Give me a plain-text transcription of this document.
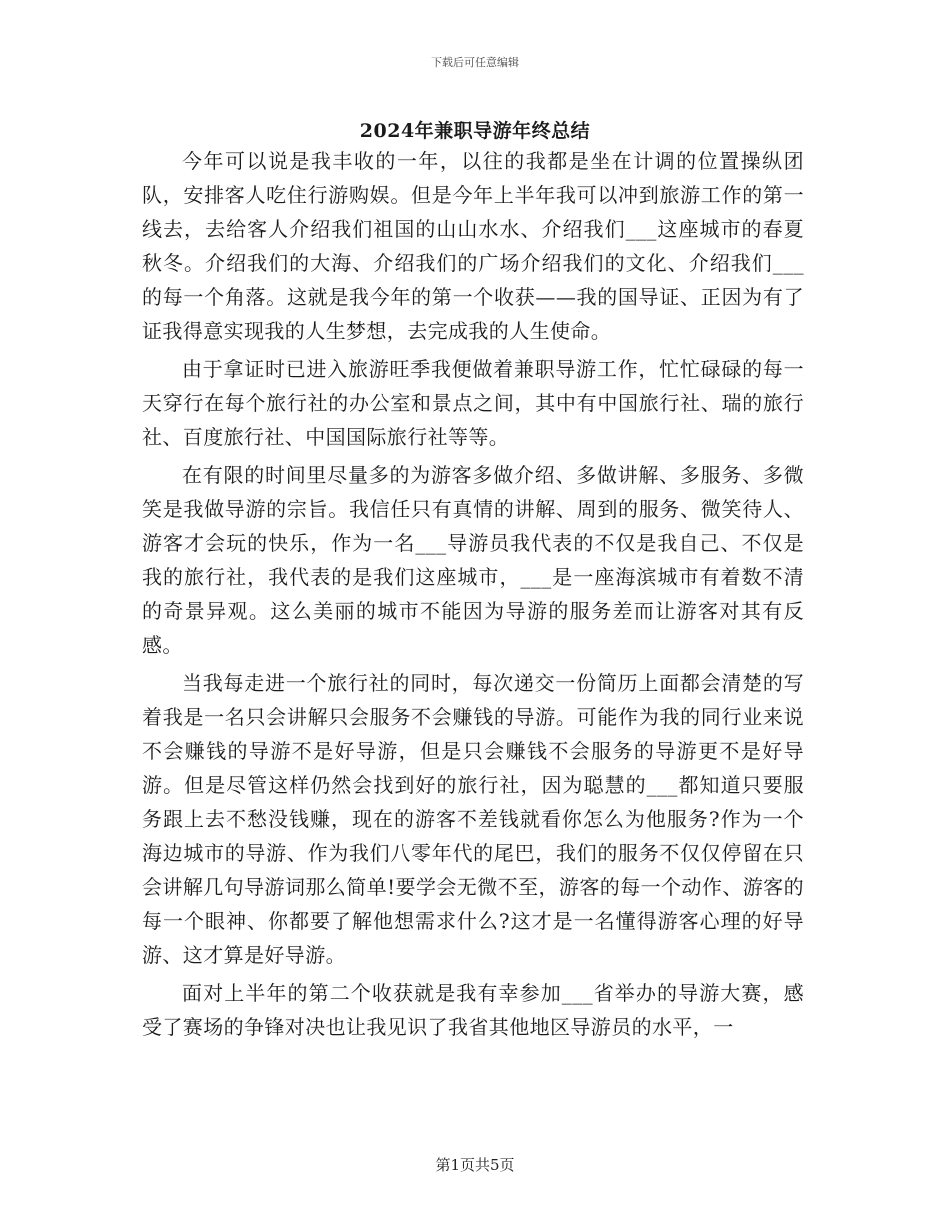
下载后可任意编辑
2024年兼职导游年终总结

今年可以说是我丰收的一年，以往的我都是坐在计调的位置操纵团队，安排客人吃住行游购娱。但是今年上半年我可以冲到旅游工作的第一线去，去给客人介绍我们祖国的山山水水、介绍我们___这座城市的春夏秋冬。介绍我们的大海、介绍我们的广场介绍我们的文化、介绍我们___的每一个角落。这就是我今年的第一个收获——我的国导证、正因为有了证我得意实现我的人生梦想，去完成我的人生使命。

由于拿证时已进入旅游旺季我便做着兼职导游工作，忙忙碌碌的每一天穿行在每个旅行社的办公室和景点之间，其中有中国旅行社、瑞的旅行社、百度旅行社、中国国际旅行社等等。

在有限的时间里尽量多的为游客多做介绍、多做讲解、多服务、多微笑是我做导游的宗旨。我信任只有真情的讲解、周到的服务、微笑待人、游客才会玩的快乐，作为一名___导游员我代表的不仅是我自己、不仅是我的旅行社，我代表的是我们这座城市，___是一座海滨城市有着数不清的奇景异观。这么美丽的城市不能因为导游的服务差而让游客对其有反感。

当我每走进一个旅行社的同时，每次递交一份简历上面都会清楚的写着我是一名只会讲解只会服务不会赚钱的导游。可能作为我的同行业来说不会赚钱的导游不是好导游，但是只会赚钱不会服务的导游更不是好导游。但是尽管这样仍然会找到好的旅行社，因为聪慧的___都知道只要服务跟上去不愁没钱赚，现在的游客不差钱就看你怎么为他服务?作为一个海边城市的导游、作为我们八零年代的尾巴，我们的服务不仅仅停留在只会讲解几句导游词那么简单!要学会无微不至，游客的每一个动作、游客的每一个眼神、你都要了解他想需求什么?这才是一名懂得游客心理的好导游、这才算是好导游。

面对上半年的第二个收获就是我有幸参加___省举办的导游大赛，感受了赛场的争锋对决也让我见识了我省其他地区导游员的水平，一

第1页共5页
